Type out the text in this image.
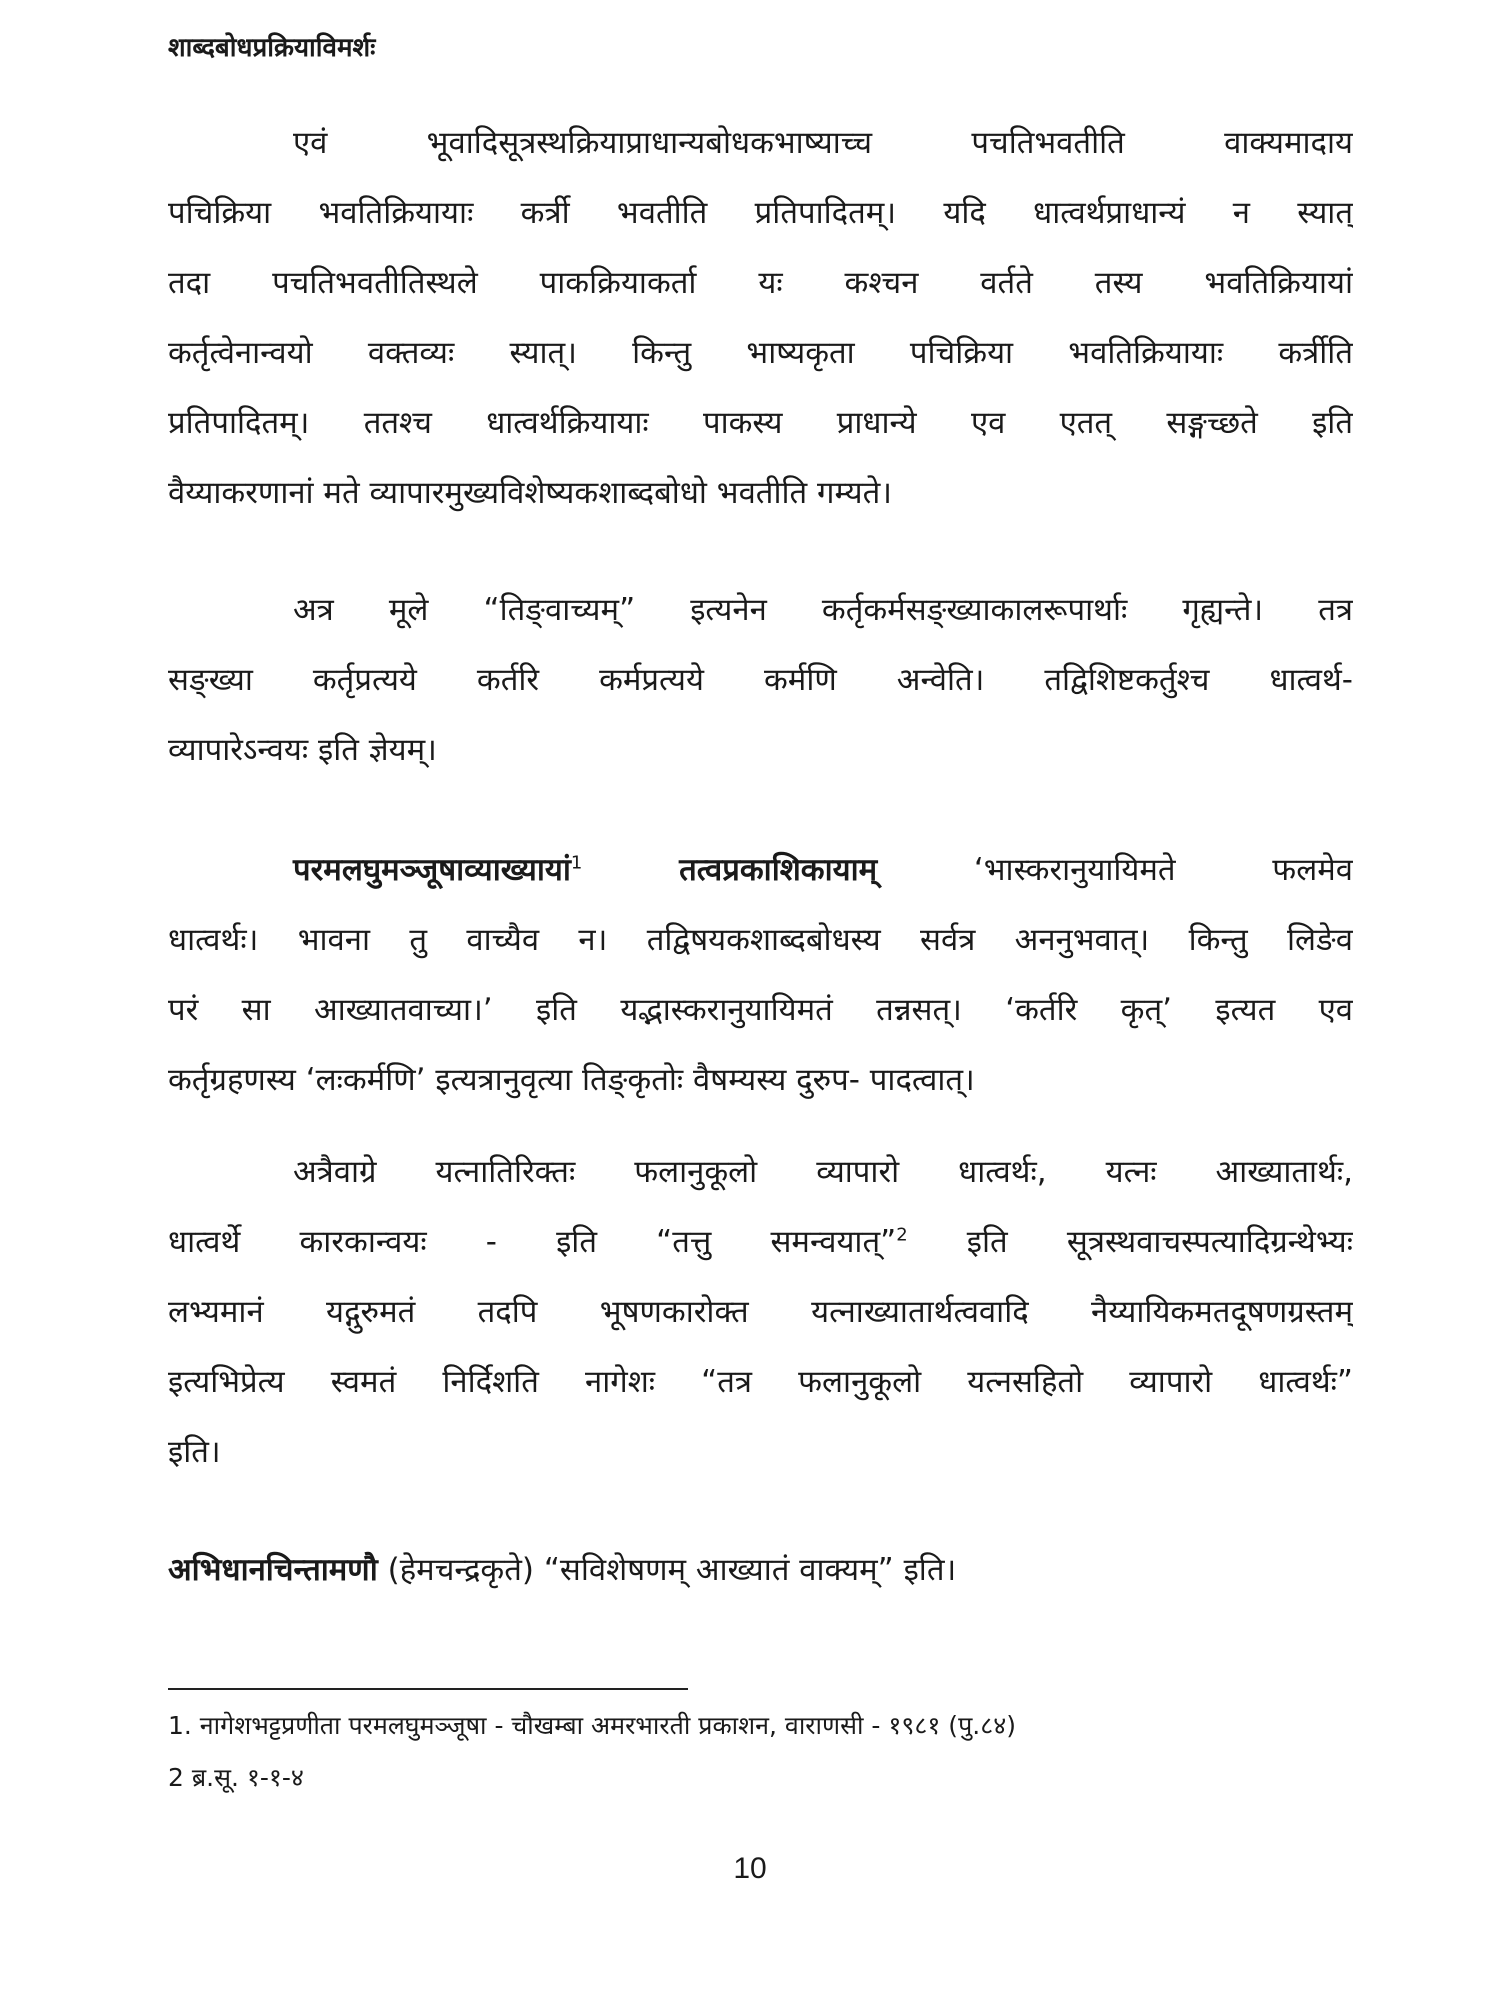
शाब्दबोधप्रक्रियाविमर्शः
एवं भूवादिसूत्रस्थक्रियाप्राधान्यबोधकभाष्याच्च पचतिभवतीति वाक्यमादाय
पचिक्रिया भवतिक्रियायाः कर्त्री भवतीति प्रतिपादितम्। यदि धात्वर्थप्राधान्यं न स्यात्
तदा पचतिभवतीतिस्थले पाकक्रियाकर्ता यः कश्चन वर्तते तस्य भवतिक्रियायां
कर्तृत्वेनान्वयो वक्तव्यः स्यात्। किन्तु भाष्यकृता पचिक्रिया भवतिक्रियायाः कर्त्रीति
प्रतिपादितम्। ततश्च धात्वर्थक्रियायाः पाकस्य प्राधान्ये एव एतत् सङ्गच्छते इति
वैय्याकरणानां मते व्यापारमुख्यविशेष्यकशाब्दबोधो भवतीति गम्यते।
अत्र मूले “तिङ्वाच्यम्” इत्यनेन कर्तृकर्मसङ्ख्याकालरूपार्थाः गृह्यन्ते। तत्र
सङ्ख्या कर्तृप्रत्यये कर्तरि कर्मप्रत्यये कर्मणि अन्वेति। तद्विशिष्टकर्तुश्च धात्वर्थ-
व्यापारेऽन्वयः इति ज्ञेयम्।
परमलघुमञ्जूषाव्याख्यायां$^1$	तत्वप्रकाशिकायाम्	‘भास्करानुयायिमते फलमेव
धात्वर्थः। भावना तु वाच्यैव न। तद्विषयकशाब्दबोधस्य सर्वत्र अननुभवात्। किन्तु लिङेव
परं सा आख्यातवाच्या।’ इति यद्भास्करानुयायिमतं तन्नसत्। ‘कर्तरि कृत्’ इत्यत एव
कर्तृग्रहणस्य ‘लःकर्मणि’ इत्यत्रानुवृत्या तिङ्कृतोः वैषम्यस्य दुरुप- पादत्वात्।
अत्रैवाग्रे यत्नातिरिक्तः फलानुकूलो व्यापारो धात्वर्थः, यत्नः आख्यातार्थः,
धात्वर्थे कारकान्वयः - इति “तत्तु समन्वयात्”$^2$ इति सूत्रस्थवाचस्पत्यादिग्रन्थेभ्यः
लभ्यमानं यद्गुरुमतं तदपि भूषणकारोक्त यत्नाख्यातार्थत्ववादि नैय्यायिकमतदूषणग्रस्तम्
इत्यभिप्रेत्य स्वमतं निर्दिशति नागेशः “तत्र फलानुकूलो यत्नसहितो व्यापारो धात्वर्थः”
इति।
अभिधानचिन्तामणौ (हेमचन्द्रकृते) “सविशेषणम् आख्यातं वाक्यम्” इति।
1. नागेशभट्टप्रणीता परमलघुमञ्जूषा - चौखम्बा अमरभारती प्रकाशन, वाराणसी - १९८१ (पु.८४)
2 ब्र.सू. १-१-४
10
